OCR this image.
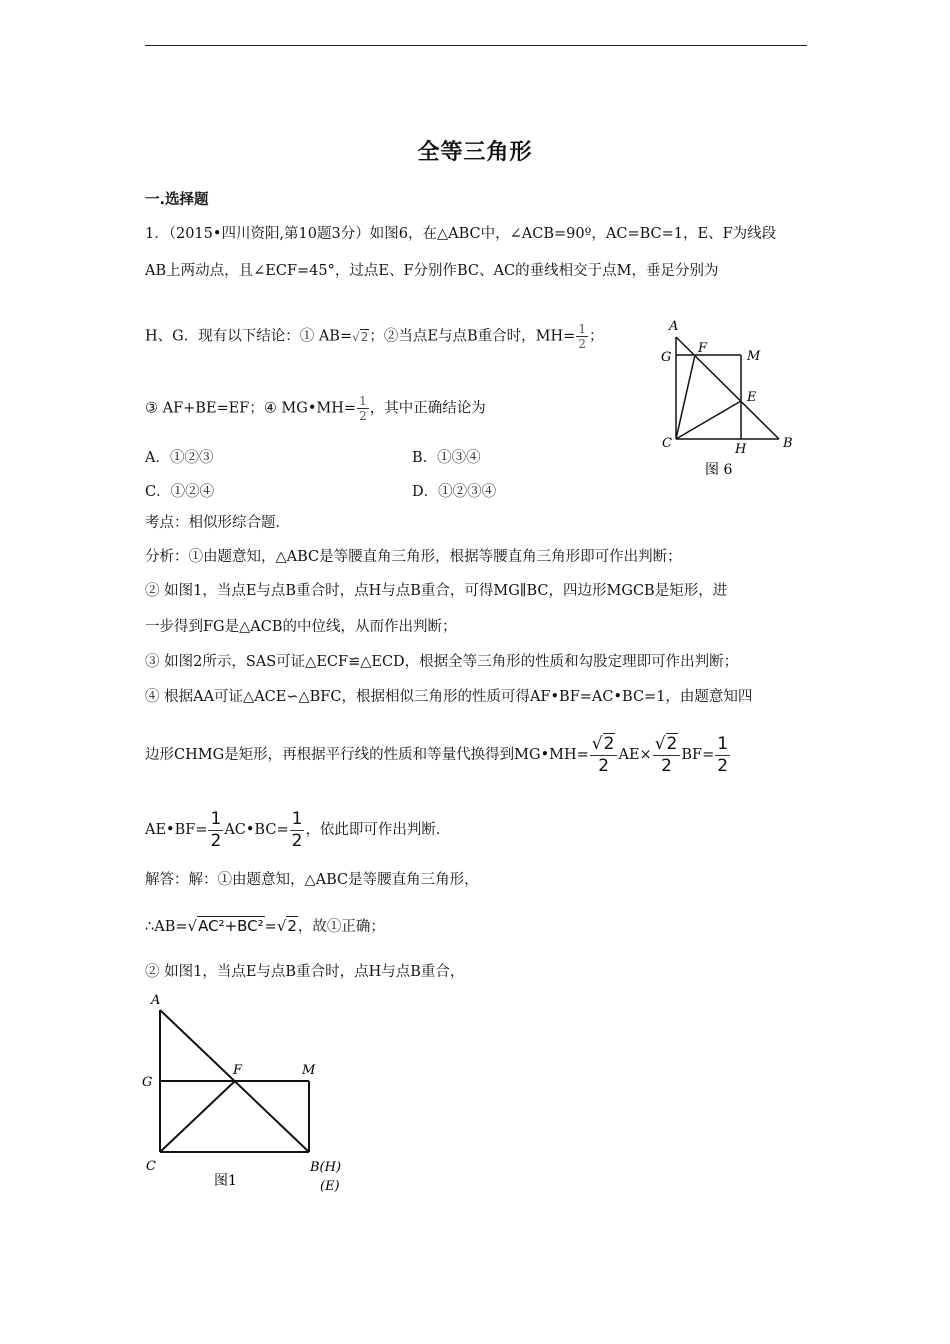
全等三角形
一.选择题
1．（2015•四川资阳,第10题3分）如图6，在△ABC中，∠ACB=90º，AC=BC=1，E、F为线段
AB上两动点，且∠ECF=45°，过点E、F分别作BC、AC的垂线相交于点M，垂足分别为
H、G．现有以下结论：① AB=√2；②当点E与点B重合时，$MH= \frac{1}{2}$ ；
③ AF+BE=EF；④ MG•MH= $\frac{1}{2}$ ，其中正确结论为
A．①②③	B．①③④
C．①②④	D．①②③④
A
G
F
M
E
C	H	B
图 6
考点：相似形综合题．
分析：①由题意知，△ABC是等腰直角三角形，根据等腰直角三角形即可作出判断；
② 如图1，当点E与点B重合时，点H与点B重合，可得MG∥BC，四边形MGCB是矩形，进
一步得到FG是△ACB的中位线，从而作出判断；
③ 如图2所示，SAS可证△ECF≌△ECD，根据全等三角形的性质和勾股定理即可作出判断；
④ 根据AA可证△ACE∽△BFC，根据相似三角形的性质可得AF•BF=AC•BC=1，由题意知四
边形CHMG是矩形，再根据平行线的性质和等量代换得到MG•MH= $\frac{√2}{2} AE\times \frac{√2}{2} BF= \frac{1}{2}$
AE•BF= $\frac{1}{2}$ AC•BC= $\frac{1}{2}$ ，依此即可作出判断．
解答：解：①由题意知，△ABC是等腰直角三角形，
∴AB=√AC²+BC²=√2，故①正确；
② 如图1，当点E与点B重合时，点H与点B重合，
A
G
F	M
C	B(H)
(E)
图1
